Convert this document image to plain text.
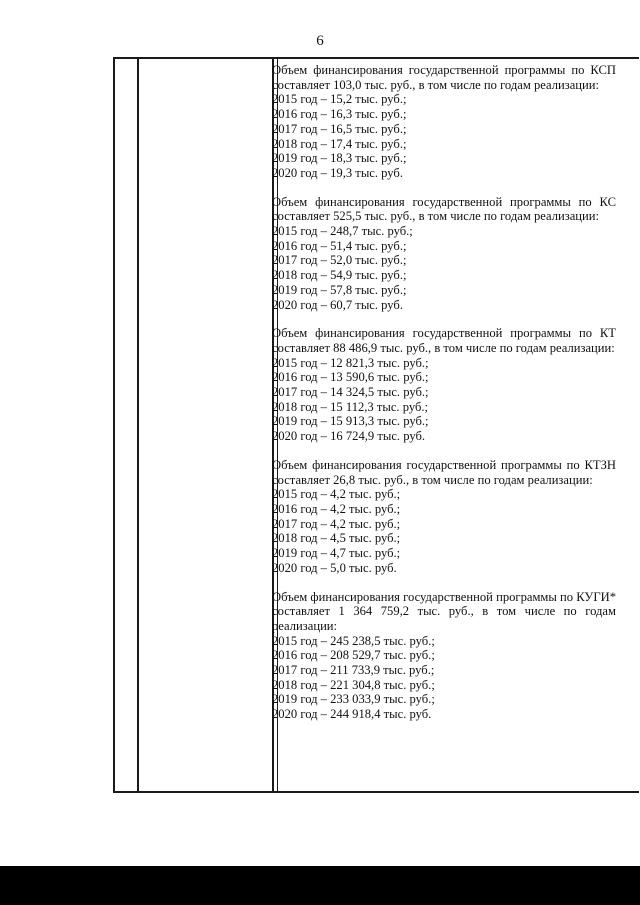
6
Объем финансирования государственной программы по КСП составляет 103,0 тыс. руб., в том числе по годам реализации:
2015 год – 15,2 тыс. руб.;
2016 год – 16,3 тыс. руб.;
2017 год – 16,5 тыс. руб.;
2018 год – 17,4 тыс. руб.;
2019 год – 18,3 тыс. руб.;
2020 год – 19,3 тыс. руб.
Объем финансирования государственной программы по КС составляет 525,5 тыс. руб., в том числе по годам реализации:
2015 год – 248,7 тыс. руб.;
2016 год – 51,4 тыс. руб.;
2017 год – 52,0 тыс. руб.;
2018 год – 54,9 тыс. руб.;
2019 год – 57,8 тыс. руб.;
2020 год – 60,7 тыс. руб.
Объем финансирования государственной программы по КТ составляет 88 486,9 тыс. руб., в том числе по годам реализации:
2015 год – 12 821,3 тыс. руб.;
2016 год – 13 590,6 тыс. руб.;
2017 год – 14 324,5 тыс. руб.;
2018 год – 15 112,3 тыс. руб.;
2019 год – 15 913,3 тыс. руб.;
2020 год – 16 724,9 тыс. руб.
Объем финансирования государственной программы по КТЗН составляет 26,8 тыс. руб., в том числе по годам реализации:
2015 год – 4,2 тыс. руб.;
2016 год – 4,2 тыс. руб.;
2017 год – 4,2 тыс. руб.;
2018 год – 4,5 тыс. руб.;
2019 год – 4,7 тыс. руб.;
2020 год – 5,0 тыс. руб.
Объем финансирования государственной программы по КУГИ* составляет 1 364 759,2 тыс. руб., в том числе по годам реализации:
2015 год – 245 238,5 тыс. руб.;
2016 год – 208 529,7 тыс. руб.;
2017 год – 211 733,9 тыс. руб.;
2018 год – 221 304,8 тыс. руб.;
2019 год – 233 033,9 тыс. руб.;
2020 год – 244 918,4 тыс. руб.
